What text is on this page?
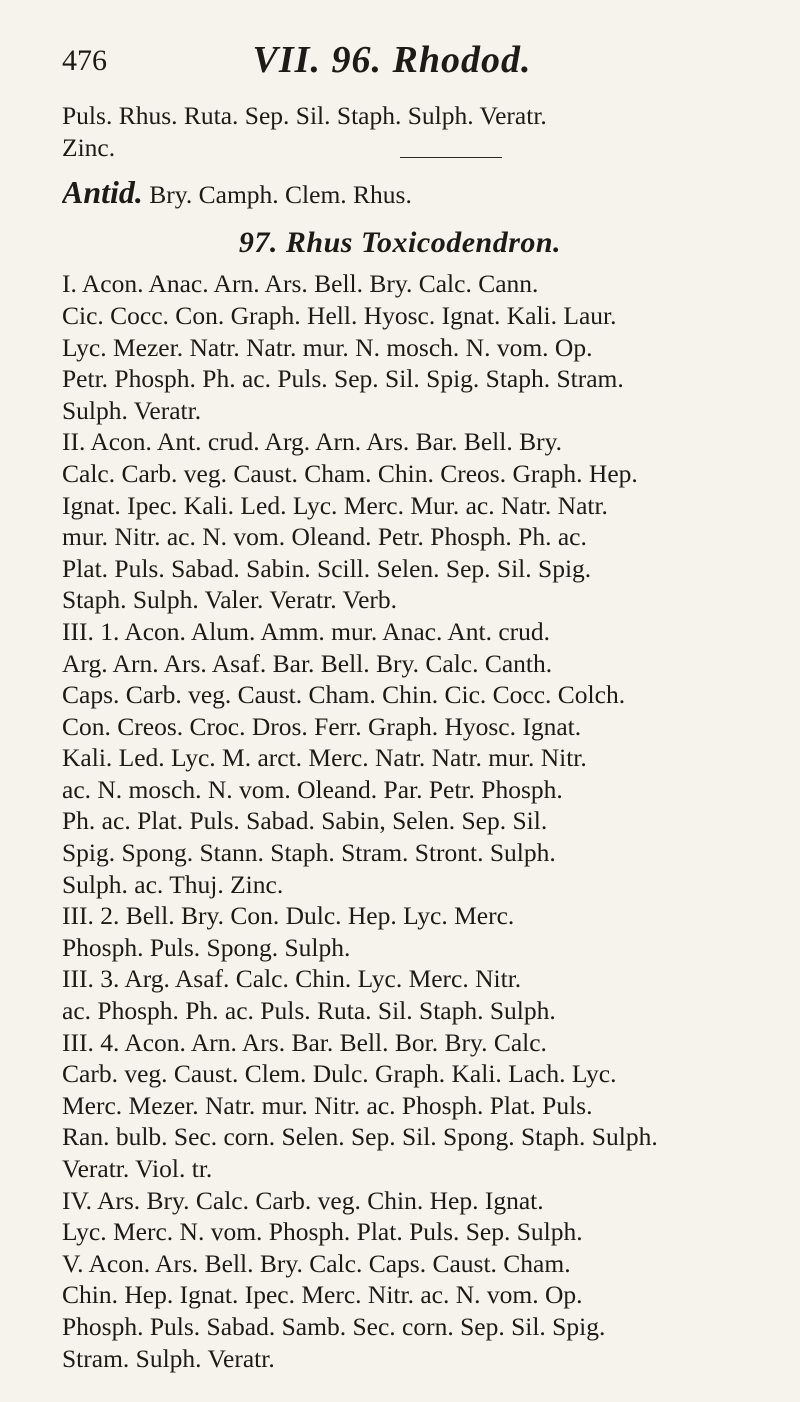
476	VII. 96. Rhodod.
Puls. Rhus. Ruta. Sep. Sil. Staph. Sulph. Veratr.
Zinc.
Antid. Bry. Camph. Clem. Rhus.
97. Rhus Toxicodendron.
I. Acon. Anac. Arn. Ars. Bell. Bry. Calc. Cann.
Cic. Cocc. Con. Graph. Hell. Hyosc. Ignat. Kali. Laur.
Lyc. Mezer. Natr. Natr. mur. N. mosch. N. vom. Op.
Petr. Phosph. Ph. ac. Puls. Sep. Sil. Spig. Staph. Stram.
Sulph. Veratr.
II. Acon. Ant. crud. Arg. Arn. Ars. Bar. Bell. Bry.
Calc. Carb. veg. Caust. Cham. Chin. Creos. Graph. Hep.
Ignat. Ipec. Kali. Led. Lyc. Merc. Mur. ac. Natr. Natr.
mur. Nitr. ac. N. vom. Oleand. Petr. Phosph. Ph. ac.
Plat. Puls. Sabad. Sabin. Scill. Selen. Sep. Sil. Spig.
Staph. Sulph. Valer. Veratr. Verb.
III. 1. Acon. Alum. Amm. mur. Anac. Ant. crud.
Arg. Arn. Ars. Asaf. Bar. Bell. Bry. Calc. Canth.
Caps. Carb. veg. Caust. Cham. Chin. Cic. Cocc. Colch.
Con. Creos. Croc. Dros. Ferr. Graph. Hyosc. Ignat.
Kali. Led. Lyc. M. arct. Merc. Natr. Natr. mur. Nitr.
ac. N. mosch. N. vom. Oleand. Par. Petr. Phosph.
Ph. ac. Plat. Puls. Sabad. Sabin, Selen. Sep. Sil.
Spig. Spong. Stann. Staph. Stram. Stront. Sulph.
Sulph. ac. Thuj. Zinc.
III. 2. Bell. Bry. Con. Dulc. Hep. Lyc. Merc.
Phosph. Puls. Spong. Sulph.
III. 3. Arg. Asaf. Calc. Chin. Lyc. Merc. Nitr.
ac. Phosph. Ph. ac. Puls. Ruta. Sil. Staph. Sulph.
III. 4. Acon. Arn. Ars. Bar. Bell. Bor. Bry. Calc.
Carb. veg. Caust. Clem. Dulc. Graph. Kali. Lach. Lyc.
Merc. Mezer. Natr. mur. Nitr. ac. Phosph. Plat. Puls.
Ran. bulb. Sec. corn. Selen. Sep. Sil. Spong. Staph. Sulph.
Veratr. Viol. tr.
IV. Ars. Bry. Calc. Carb. veg. Chin. Hep. Ignat.
Lyc. Merc. N. vom. Phosph. Plat. Puls. Sep. Sulph.
V. Acon. Ars. Bell. Bry. Calc. Caps. Caust. Cham.
Chin. Hep. Ignat. Ipec. Merc. Nitr. ac. N. vom. Op.
Phosph. Puls. Sabad. Samb. Sec. corn. Sep. Sil. Spig.
Stram. Sulph. Veratr.
